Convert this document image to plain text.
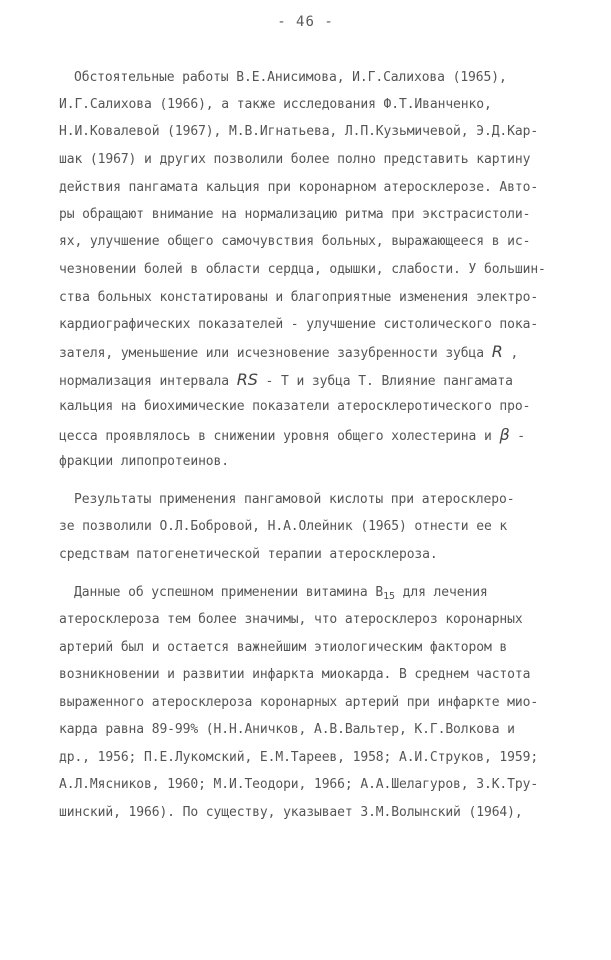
- 46 -
Обстоятельные работы В.Е.Анисимова, И.Г.Салихова (1965),
И.Г.Салихова (1966), а также исследования Ф.Т.Иванченко,
Н.И.Ковалевой (1967), М.В.Игнатьева, Л.П.Кузьмичевой, Э.Д.Кар-
шак (1967) и других позволили более полно представить картину
действия пангамата кальция при коронарном атеросклерозе. Авто-
ры обращают внимание на нормализацию ритма при экстрасистоли-
ях, улучшение общего самочувствия больных, выражающееся в ис-
чезновении болей в области сердца, одышки, слабости. У большин-
ства больных констатированы и благоприятные изменения электро-
кардиографических показателей - улучшение систолического пока-
зателя, уменьшение или исчезновение зазубренности зубца R ,
нормализация интервала RS - Т и зубца Т. Влияние пангамата
кальция на биохимические показатели атеросклеротического про-
цесса проявлялось в снижении уровня общего холестерина и β -
фракции липопротеинов.
Результаты применения пангамовой кислоты при атеросклеро-
зе позволили О.Л.Бобровой, Н.А.Олейник (1965) отнести ее к
средствам патогенетической терапии атеросклероза.
Данные об успешном применении витамина $В_{15}$ для лечения
атеросклероза тем более значимы, что атеросклероз коронарных
артерий был и остается важнейшим этиологическим фактором в
возникновении и развитии инфаркта миокарда. В среднем частота
выраженного атеросклероза коронарных артерий при инфаркте мио-
карда равна 89-99% (Н.Н.Аничков, А.В.Вальтер, К.Г.Волкова и
др., 1956; П.Е.Лукомский, Е.М.Тареев, 1958; А.И.Струков, 1959;
А.Л.Мясников, 1960; М.И.Теодори, 1966; А.А.Шелагуров, З.К.Тру-
шинский, 1966). По существу, указывает З.М.Волынский (1964),
